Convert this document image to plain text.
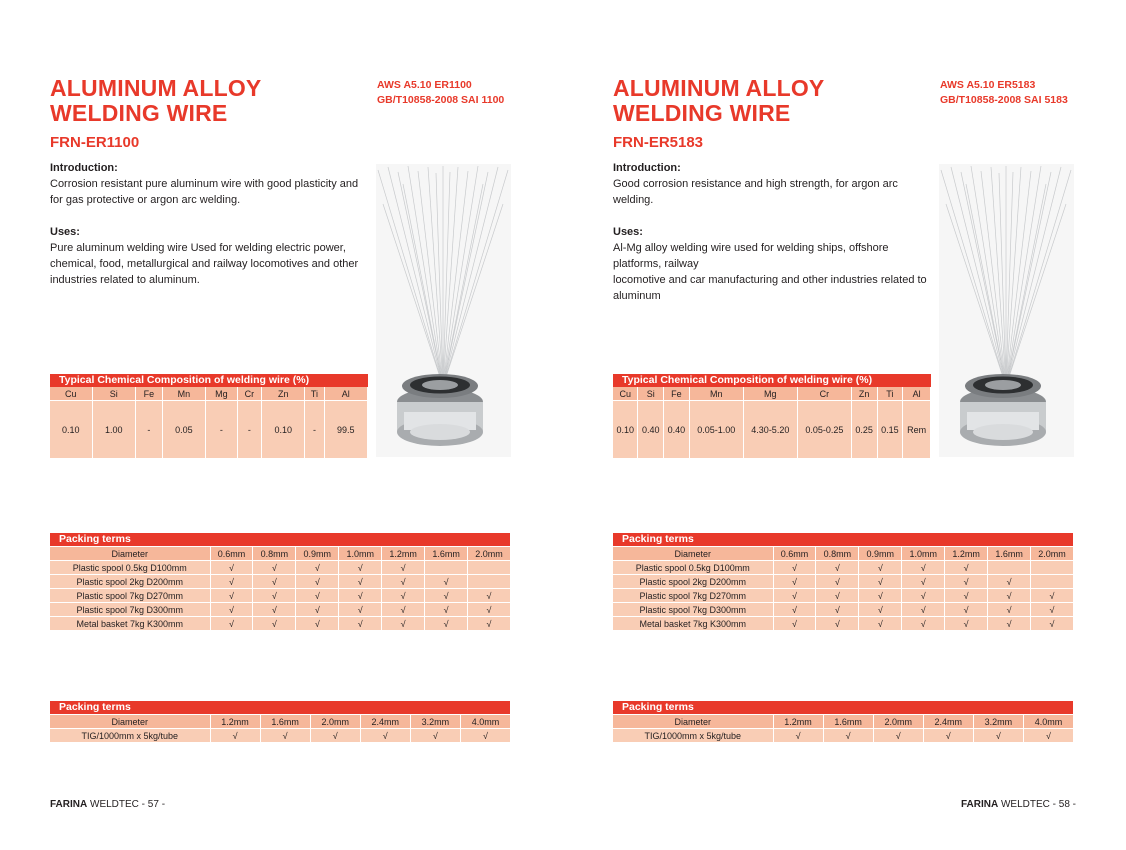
ALUMINUM ALLOY
WELDING WIRE
AWS A5.10 ER1100
GB/T10858-2008 SAI 1100
FRN-ER1100
Introduction:
Corrosion resistant pure aluminum wire with good plasticity and
for gas protective or argon arc welding.
Uses:
Pure aluminum welding wire Used for welding electric power,
chemical, food, metallurgical and railway locomotives and other
industries related to aluminum.
Typical Chemical Composition of welding wire (%)								
Cu	Si	Fe	Mn	Mg	Cr	Zn	Ti	Al
0.10	1.00	-	0.05	-	-	0.10	-	99.5
Packing terms							
Diameter	0.6mm	0.8mm	0.9mm	1.0mm	1.2mm	1.6mm	2.0mm
Plastic spool 0.5kg D100mm	√	√	√	√	√		
Plastic spool 2kg D200mm	√	√	√	√	√	√	
Plastic spool 7kg D270mm	√	√	√	√	√	√	√
Plastic spool 7kg D300mm	√	√	√	√	√	√	√
Metal basket 7kg K300mm	√	√	√	√	√	√	√
Packing terms						
Diameter	1.2mm	1.6mm	2.0mm	2.4mm	3.2mm	4.0mm
TIG/1000mm x 5kg/tube	√	√	√	√	√	√
FARINA WELDTEC - 57 -
ALUMINUM ALLOY
WELDING WIRE
AWS A5.10 ER5183
GB/T10858-2008 SAI 5183
FRN-ER5183
Introduction:
Good corrosion resistance and high strength, for argon arc
welding.
Uses:
Al-Mg alloy welding wire used for welding ships, offshore
platforms, railway
locomotive and car manufacturing and other industries related to
aluminum
Typical Chemical Composition of welding wire (%)								
Cu	Si	Fe	Mn	Mg	Cr	Zn	Ti	Al
0.10	0.40	0.40	0.05-1.00	4.30-5.20	0.05-0.25	0.25	0.15	Rem
Packing terms							
Diameter	0.6mm	0.8mm	0.9mm	1.0mm	1.2mm	1.6mm	2.0mm
Plastic spool 0.5kg D100mm	√	√	√	√	√		
Plastic spool 2kg D200mm	√	√	√	√	√	√	
Plastic spool 7kg D270mm	√	√	√	√	√	√	√
Plastic spool 7kg D300mm	√	√	√	√	√	√	√
Metal basket 7kg K300mm	√	√	√	√	√	√	√
Packing terms						
Diameter	1.2mm	1.6mm	2.0mm	2.4mm	3.2mm	4.0mm
TIG/1000mm x 5kg/tube	√	√	√	√	√	√
FARINA WELDTEC - 58 -
